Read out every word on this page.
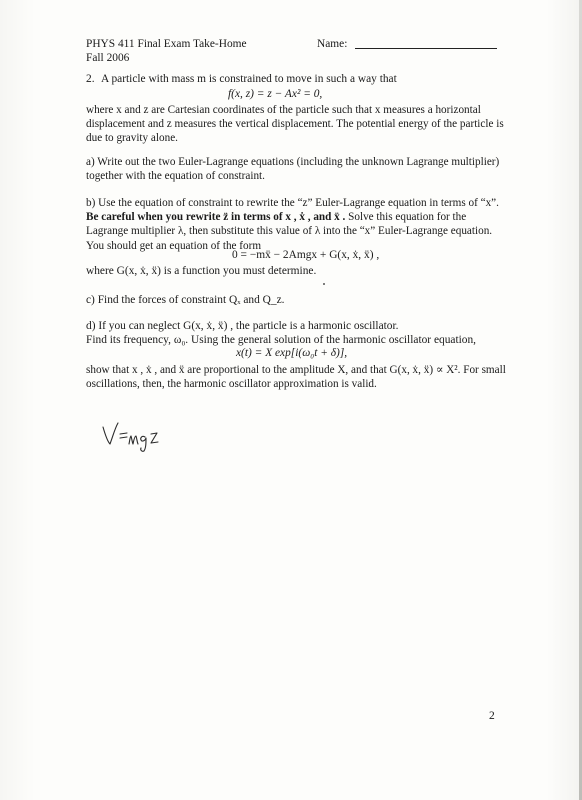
PHYS 411 Final Exam Take-Home
Fall 2006
Name:
2. A particle with mass m is constrained to move in such a way that
f(x, z) = z − Ax² = 0,
where x and z are Cartesian coordinates of the particle such that x measures a horizontal displacement and z measures the vertical displacement. The potential energy of the particle is due to gravity alone.
a) Write out the two Euler-Lagrange equations (including the unknown Lagrange multiplier) together with the equation of constraint.
b) Use the equation of constraint to rewrite the “z” Euler-Lagrange equation in terms of “x”. Be careful when you rewrite z̈ in terms of x , ẋ , and ẍ . Solve this equation for the Lagrange multiplier λ, then substitute this value of λ into the “x” Euler-Lagrange equation. You should get an equation of the form
0 = −mẍ − 2Amgx + G(x, ẋ, ẍ) ,
where G(x, ẋ, ẍ) is a function you must determine.
c) Find the forces of constraint Qₓ and Q_z.
d) If you can neglect G(x, ẋ, ẍ) , the particle is a harmonic oscillator.
Find its frequency, ω₀. Using the general solution of the harmonic oscillator equation,
x(t) = X exp[i(ω₀t + δ)],
show that x , ẋ , and ẍ are proportional to the amplitude X, and that G(x, ẋ, ẍ) ∝ X². For small oscillations, then, the harmonic oscillator approximation is valid.
2
